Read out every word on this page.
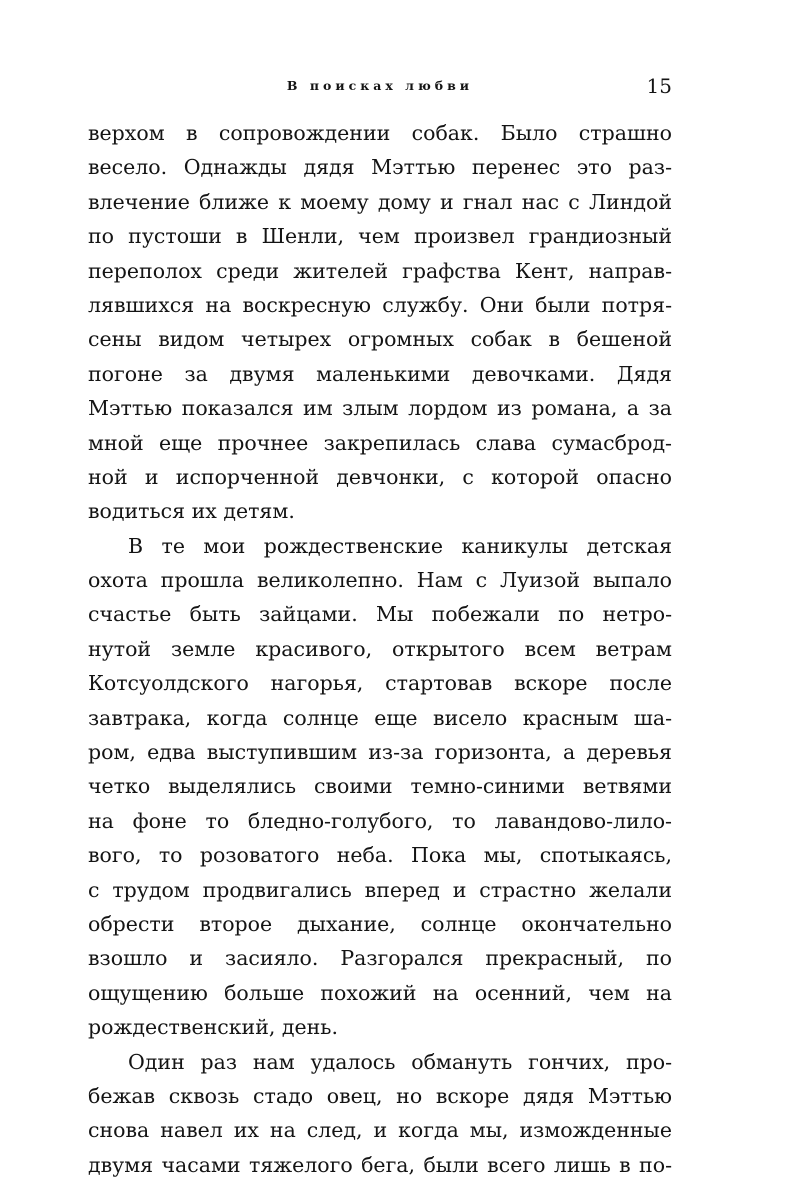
В поисках любви	15
верхом в сопровождении собак. Было страшно
весело. Однажды дядя Мэттью перенес это раз-
влечение ближе к моему дому и гнал нас с Линдой
по пустоши в Шенли, чем произвел грандиозный
переполох среди жителей графства Кент, направ-
лявшихся на воскресную службу. Они были потря-
сены видом четырех огромных собак в бешеной
погоне за двумя маленькими девочками. Дядя
Мэттью показался им злым лордом из романа, а за
мной еще прочнее закрепилась слава сумасброд-
ной и испорченной девчонки, с которой опасно
водиться их детям.
В те мои рождественские каникулы детская
охота прошла великолепно. Нам с Луизой выпало
счастье быть зайцами. Мы побежали по нетро-
нутой земле красивого, открытого всем ветрам
Котсуолдского нагорья, стартовав вскоре после
завтрака, когда солнце еще висело красным ша-
ром, едва выступившим из-за горизонта, а деревья
четко выделялись своими темно-синими ветвями
на фоне то бледно-голубого, то лавандово-лило-
вого, то розоватого неба. Пока мы, спотыкаясь,
с трудом продвигались вперед и страстно желали
обрести второе дыхание, солнце окончательно
взошло и засияло. Разгорался прекрасный, по
ощущению больше похожий на осенний, чем на
рождественский, день.
Один раз нам удалось обмануть гончих, про-
бежав сквозь стадо овец, но вскоре дядя Мэттью
снова навел их на след, и когда мы, изможденные
двумя часами тяжелого бега, были всего лишь в по-
